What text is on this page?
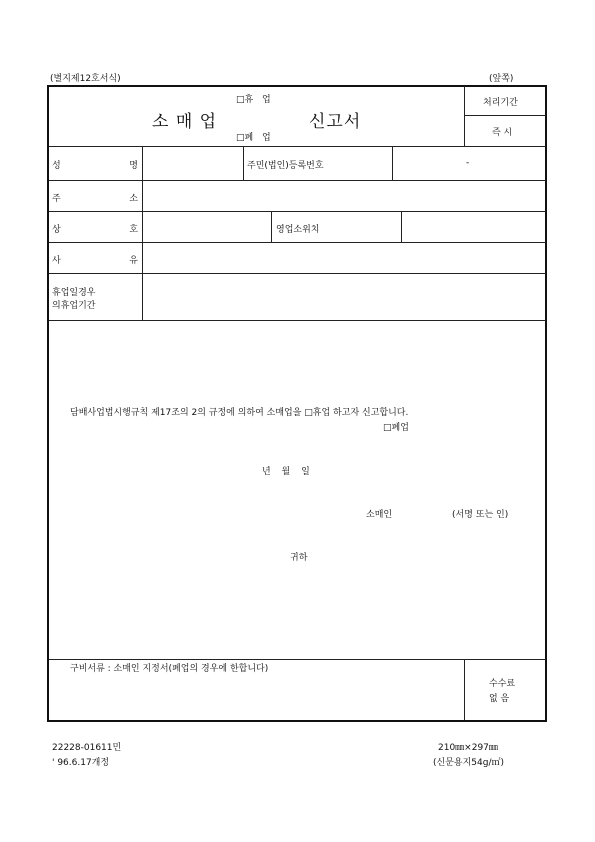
(별지제12호서식)	(앞쪽)
소 매 업
□휴 업
□폐 업
신고서
처리기간
즉 시
성	명	주민(법인)등록번호	-
주	소
상	호	영업소위치
사	유
휴업일경우
의휴업기간
담배사업법시행규칙 제17조의 2의 규정에 의하여 소매업을 □휴업 하고자 신고합니다.
□폐업
년 월 일
소매인	(서명 또는 인)
귀하
구비서류 : 소매인 지정서(폐업의 경우에 한합니다)
수수료
없 음
22228-01611민
' 96.6.17개정
210㎜×297㎜
(신문용지54g/㎡)
